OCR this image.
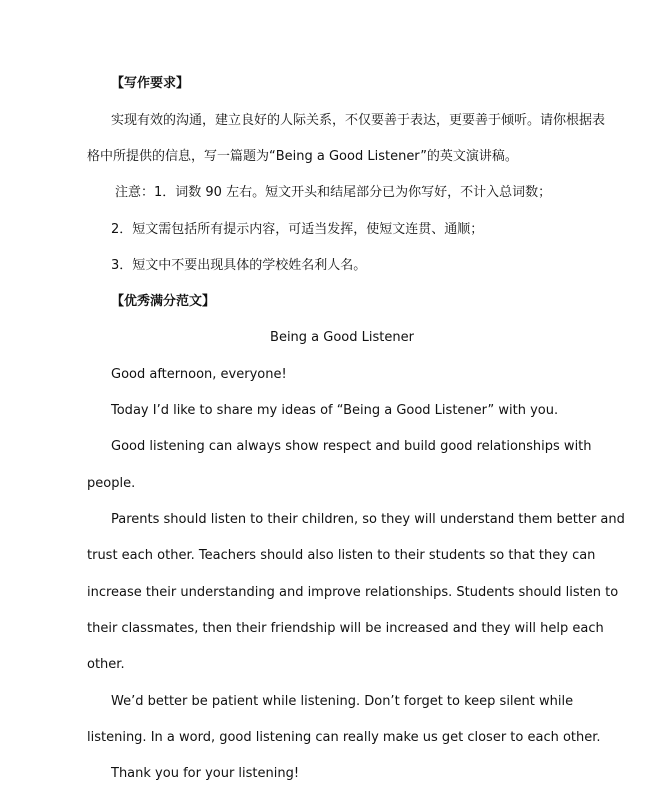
【写作要求】
实现有效的沟通，建立良好的人际关系，不仅要善于表达，更要善于倾听。请你根据表
格中所提供的信息，写一篇题为“Being a Good Listener”的英文演讲稿。
注意：1．词数 90 左右。短文开头和结尾部分已为你写好，不计入总词数；
2．短文需包括所有提示内容，可适当发挥，使短文连贯、通顺；
3．短文中不要出现具体的学校姓名利人名。
【优秀满分范文】
Being a Good Listener
Good afternoon, everyone!
Today I’d like to share my ideas of “Being a Good Listener” with you.
Good listening can always show respect and build good relationships with
people.
Parents should listen to their children, so they will understand them better and
trust each other. Teachers should also listen to their students so that they can
increase their understanding and improve relationships. Students should listen to
their classmates, then their friendship will be increased and they will help each
other.
We’d better be patient while listening. Don’t forget to keep silent while
listening. In a word, good listening can really make us get closer to each other.
Thank you for your listening!
